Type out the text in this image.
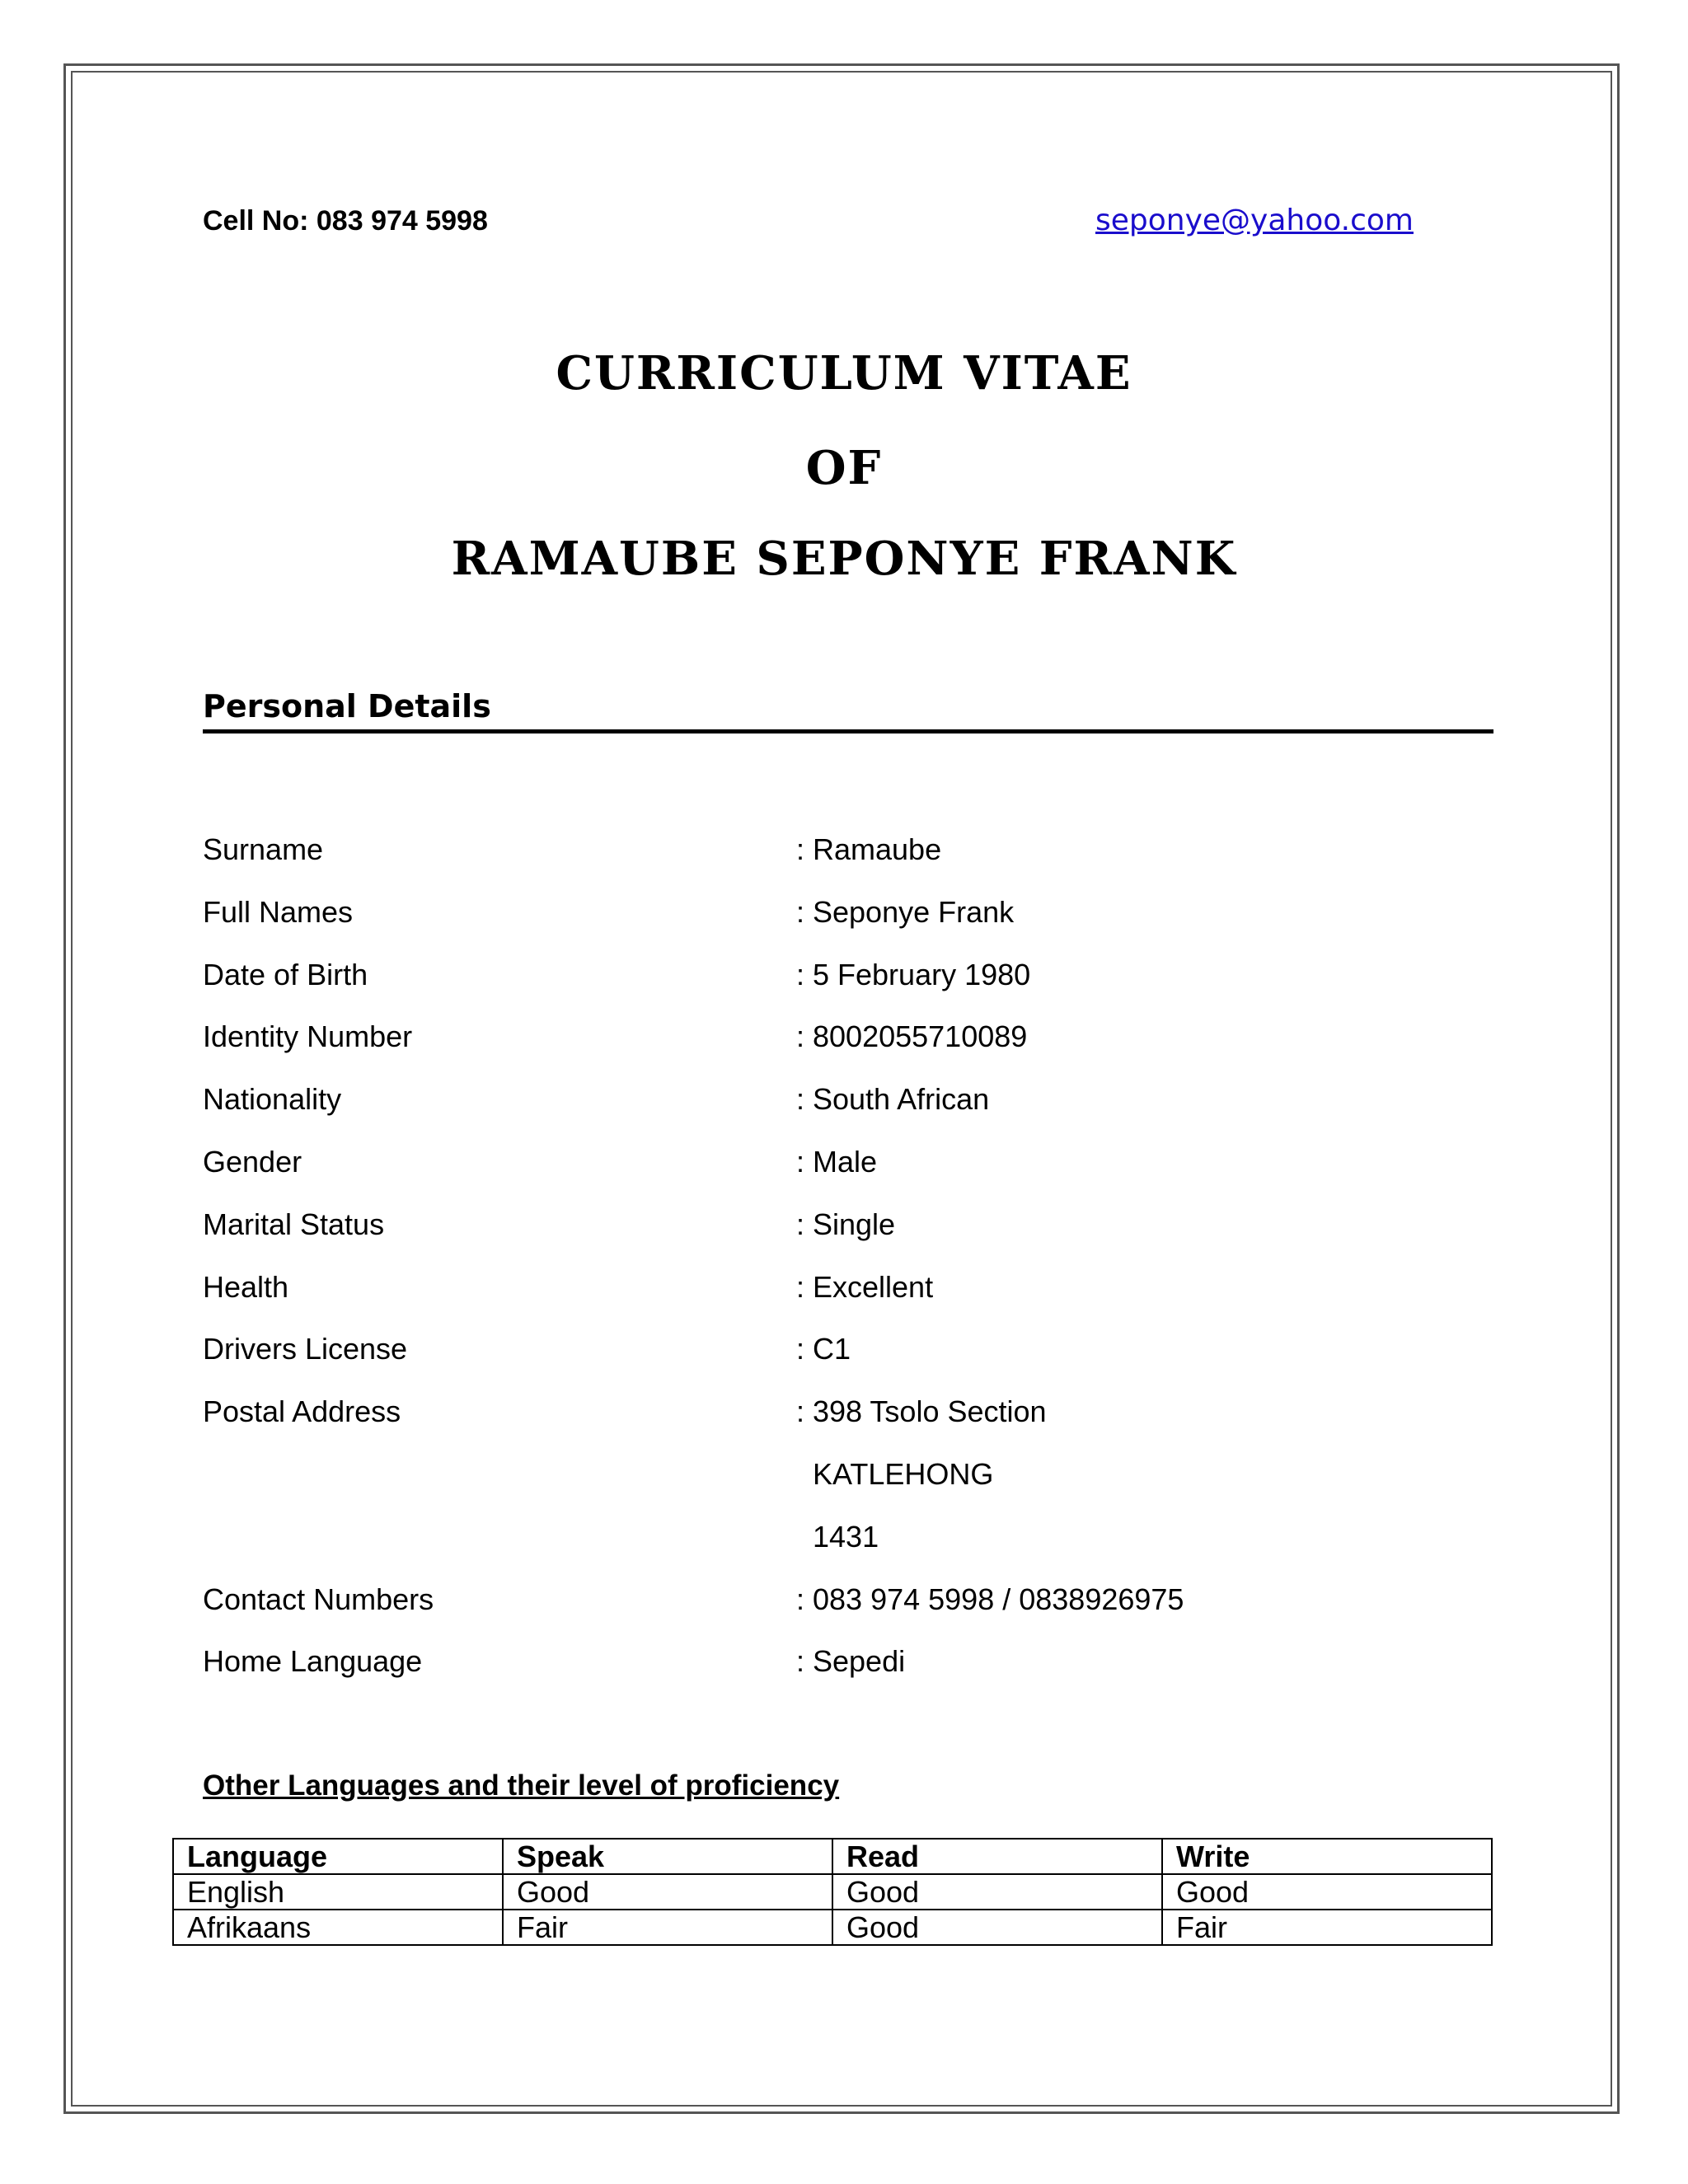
Cell No: 083 974 5998	seponye@yahoo.com
CURRICULUM VITAE
OF
RAMAUBE SEPONYE FRANK
Personal Details
Surname	: Ramaube
Full Names	: Seponye Frank
Date of Birth	: 5 February 1980
Identity Number	: 8002055710089
Nationality	: South African
Gender	: Male
Marital Status	: Single
Health	: Excellent
Drivers License	: C1
Postal Address	: 398 Tsolo Section
KATLEHONG
1431
Contact Numbers	: 083 974 5998 / 0838926975
Home Language	: Sepedi
Other Languages and their level of proficiency
Language	Speak	Read	Write
English	Good	Good	Good
Afrikaans	Fair	Good	Fair
